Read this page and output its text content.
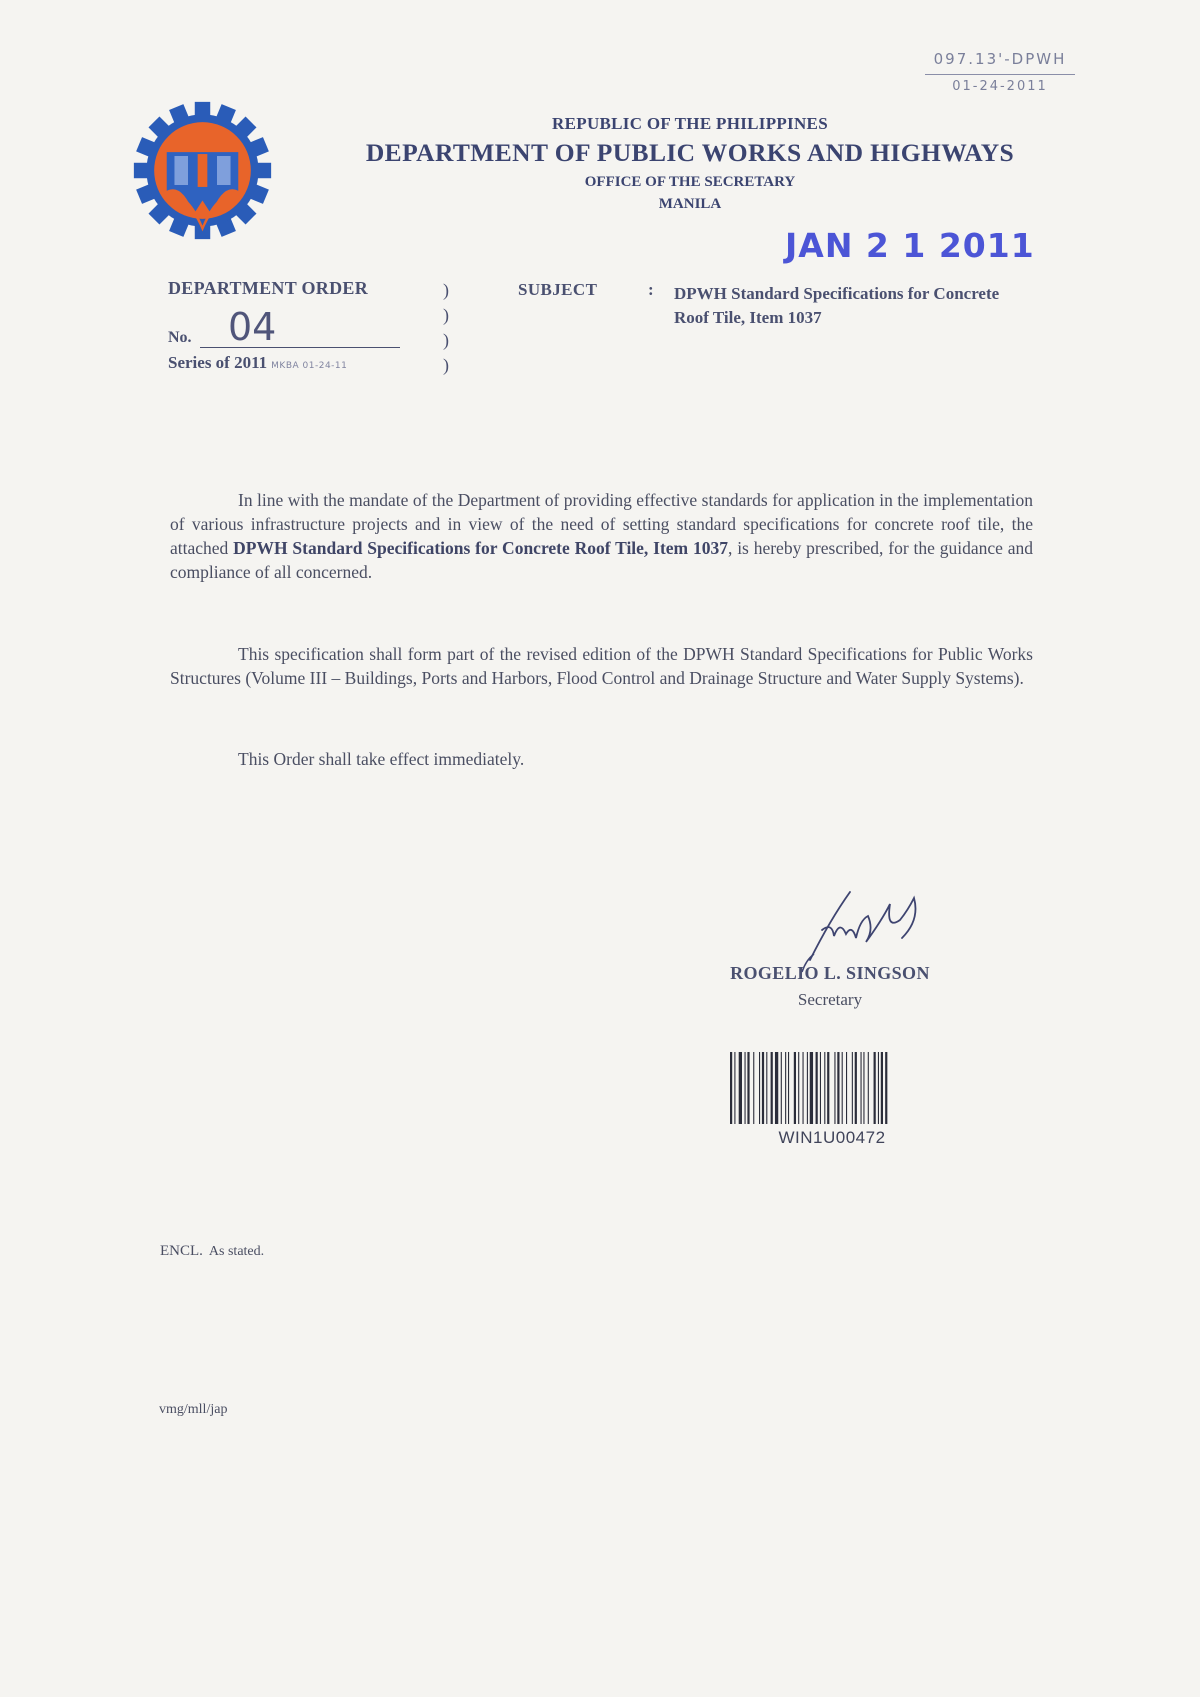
097.13'-DPWH
01-24-2011
REPUBLIC OF THE PHILIPPINES
DEPARTMENT OF PUBLIC WORKS AND HIGHWAYS
OFFICE OF THE SECRETARY
MANILA
JAN 2 1 2011
DEPARTMENT ORDER
No. 04
Series of 2011 MKBA 01-24-11
)
)
)
)
SUBJECT	: DPWH Standard Specifications for Concrete Roof Tile, Item 1037
In line with the mandate of the Department of providing effective standards for application in the implementation of various infrastructure projects and in view of the need of setting standard specifications for concrete roof tile, the attached DPWH Standard Specifications for Concrete Roof Tile, Item 1037, is hereby prescribed, for the guidance and compliance of all concerned.
This specification shall form part of the revised edition of the DPWH Standard Specifications for Public Works Structures (Volume III – Buildings, Ports and Harbors, Flood Control and Drainage Structure and Water Supply Systems).
This Order shall take effect immediately.
ROGELIO L. SINGSON
Secretary
WIN1U00472
ENCL. As stated.
vmg/mll/jap
